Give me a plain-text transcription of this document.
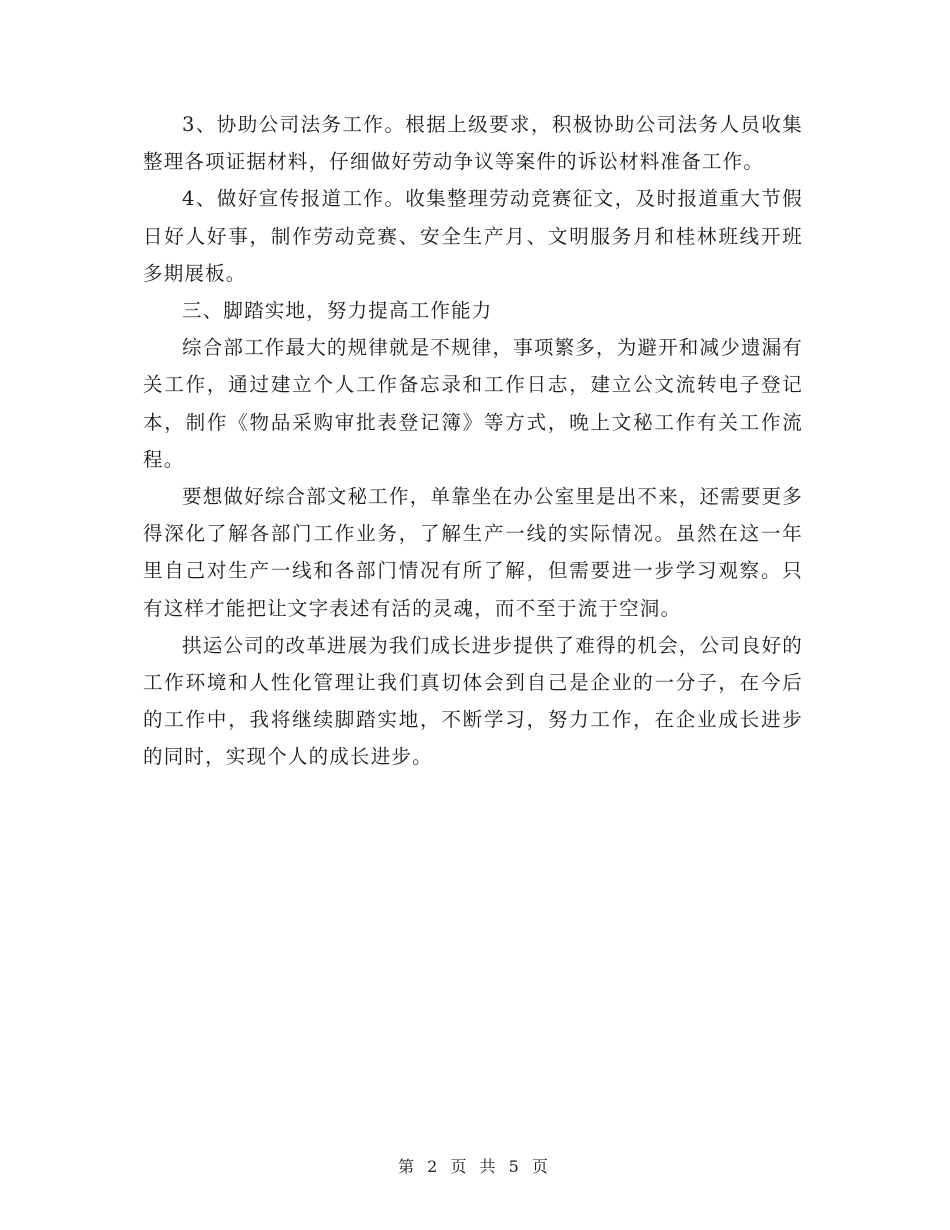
3、协助公司法务工作。根据上级要求，积极协助公司法务人员收集整理各项证据材料，仔细做好劳动争议等案件的诉讼材料准备工作。

4、做好宣传报道工作。收集整理劳动竞赛征文，及时报道重大节假日好人好事，制作劳动竞赛、安全生产月、文明服务月和桂林班线开班多期展板。

三、脚踏实地，努力提高工作能力

综合部工作最大的规律就是不规律，事项繁多，为避开和减少遗漏有关工作，通过建立个人工作备忘录和工作日志，建立公文流转电子登记本，制作《物品采购审批表登记簿》等方式，晚上文秘工作有关工作流程。

要想做好综合部文秘工作，单靠坐在办公室里是出不来，还需要更多得深化了解各部门工作业务，了解生产一线的实际情况。虽然在这一年里自己对生产一线和各部门情况有所了解，但需要进一步学习观察。只有这样才能把让文字表述有活的灵魂，而不至于流于空洞。

拱运公司的改革进展为我们成长进步提供了难得的机会，公司良好的工作环境和人性化管理让我们真切体会到自己是企业的一分子，在今后的工作中，我将继续脚踏实地，不断学习，努力工作，在企业成长进步的同时，实现个人的成长进步。

第 2 页 共 5 页
